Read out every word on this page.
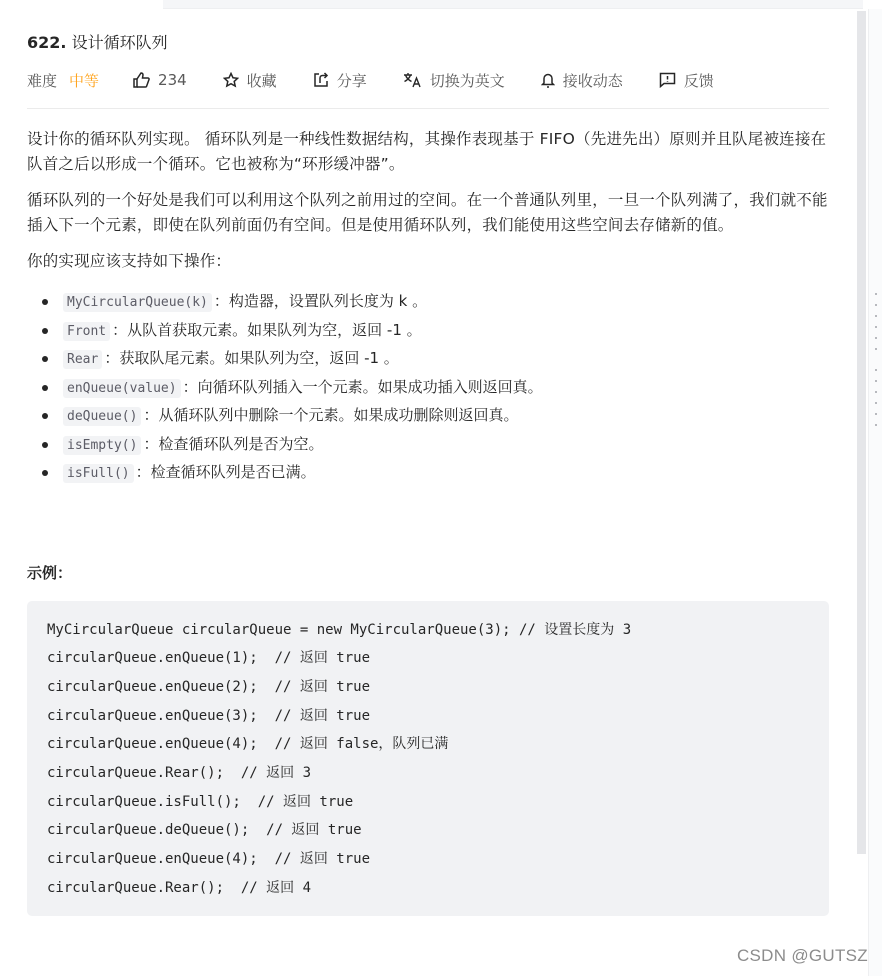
622. 设计循环队列
难度 中等	234	收藏	分享	切换为英文	接收动态	反馈

设计你的循环队列实现。 循环队列是一种线性数据结构，其操作表现基于 FIFO（先进先出）原则并且队尾被连接在队首之后以形成一个循环。它也被称为“环形缓冲器”。

循环队列的一个好处是我们可以利用这个队列之前用过的空间。在一个普通队列里，一旦一个队列满了，我们就不能插入下一个元素，即使在队列前面仍有空间。但是使用循环队列，我们能使用这些空间去存储新的值。

你的实现应该支持如下操作：

MyCircularQueue(k) ：构造器，设置队列长度为 k 。
Front ：从队首获取元素。如果队列为空，返回 -1 。
Rear ：获取队尾元素。如果队列为空，返回 -1 。
enQueue(value) ：向循环队列插入一个元素。如果成功插入则返回真。
deQueue() ：从循环队列中删除一个元素。如果成功删除则返回真。
isEmpty() ：检查循环队列是否为空。
isFull() ：检查循环队列是否已满。
示例：
MyCircularQueue circularQueue = new MyCircularQueue(3); // 设置长度为 3
circularQueue.enQueue(1);  // 返回 true
circularQueue.enQueue(2);  // 返回 true
circularQueue.enQueue(3);  // 返回 true
circularQueue.enQueue(4);  // 返回 false，队列已满
circularQueue.Rear();  // 返回 3
circularQueue.isFull();  // 返回 true
circularQueue.deQueue();  // 返回 true
circularQueue.enQueue(4);  // 返回 true
circularQueue.Rear();  // 返回 4
CSDN @GUTSZ
